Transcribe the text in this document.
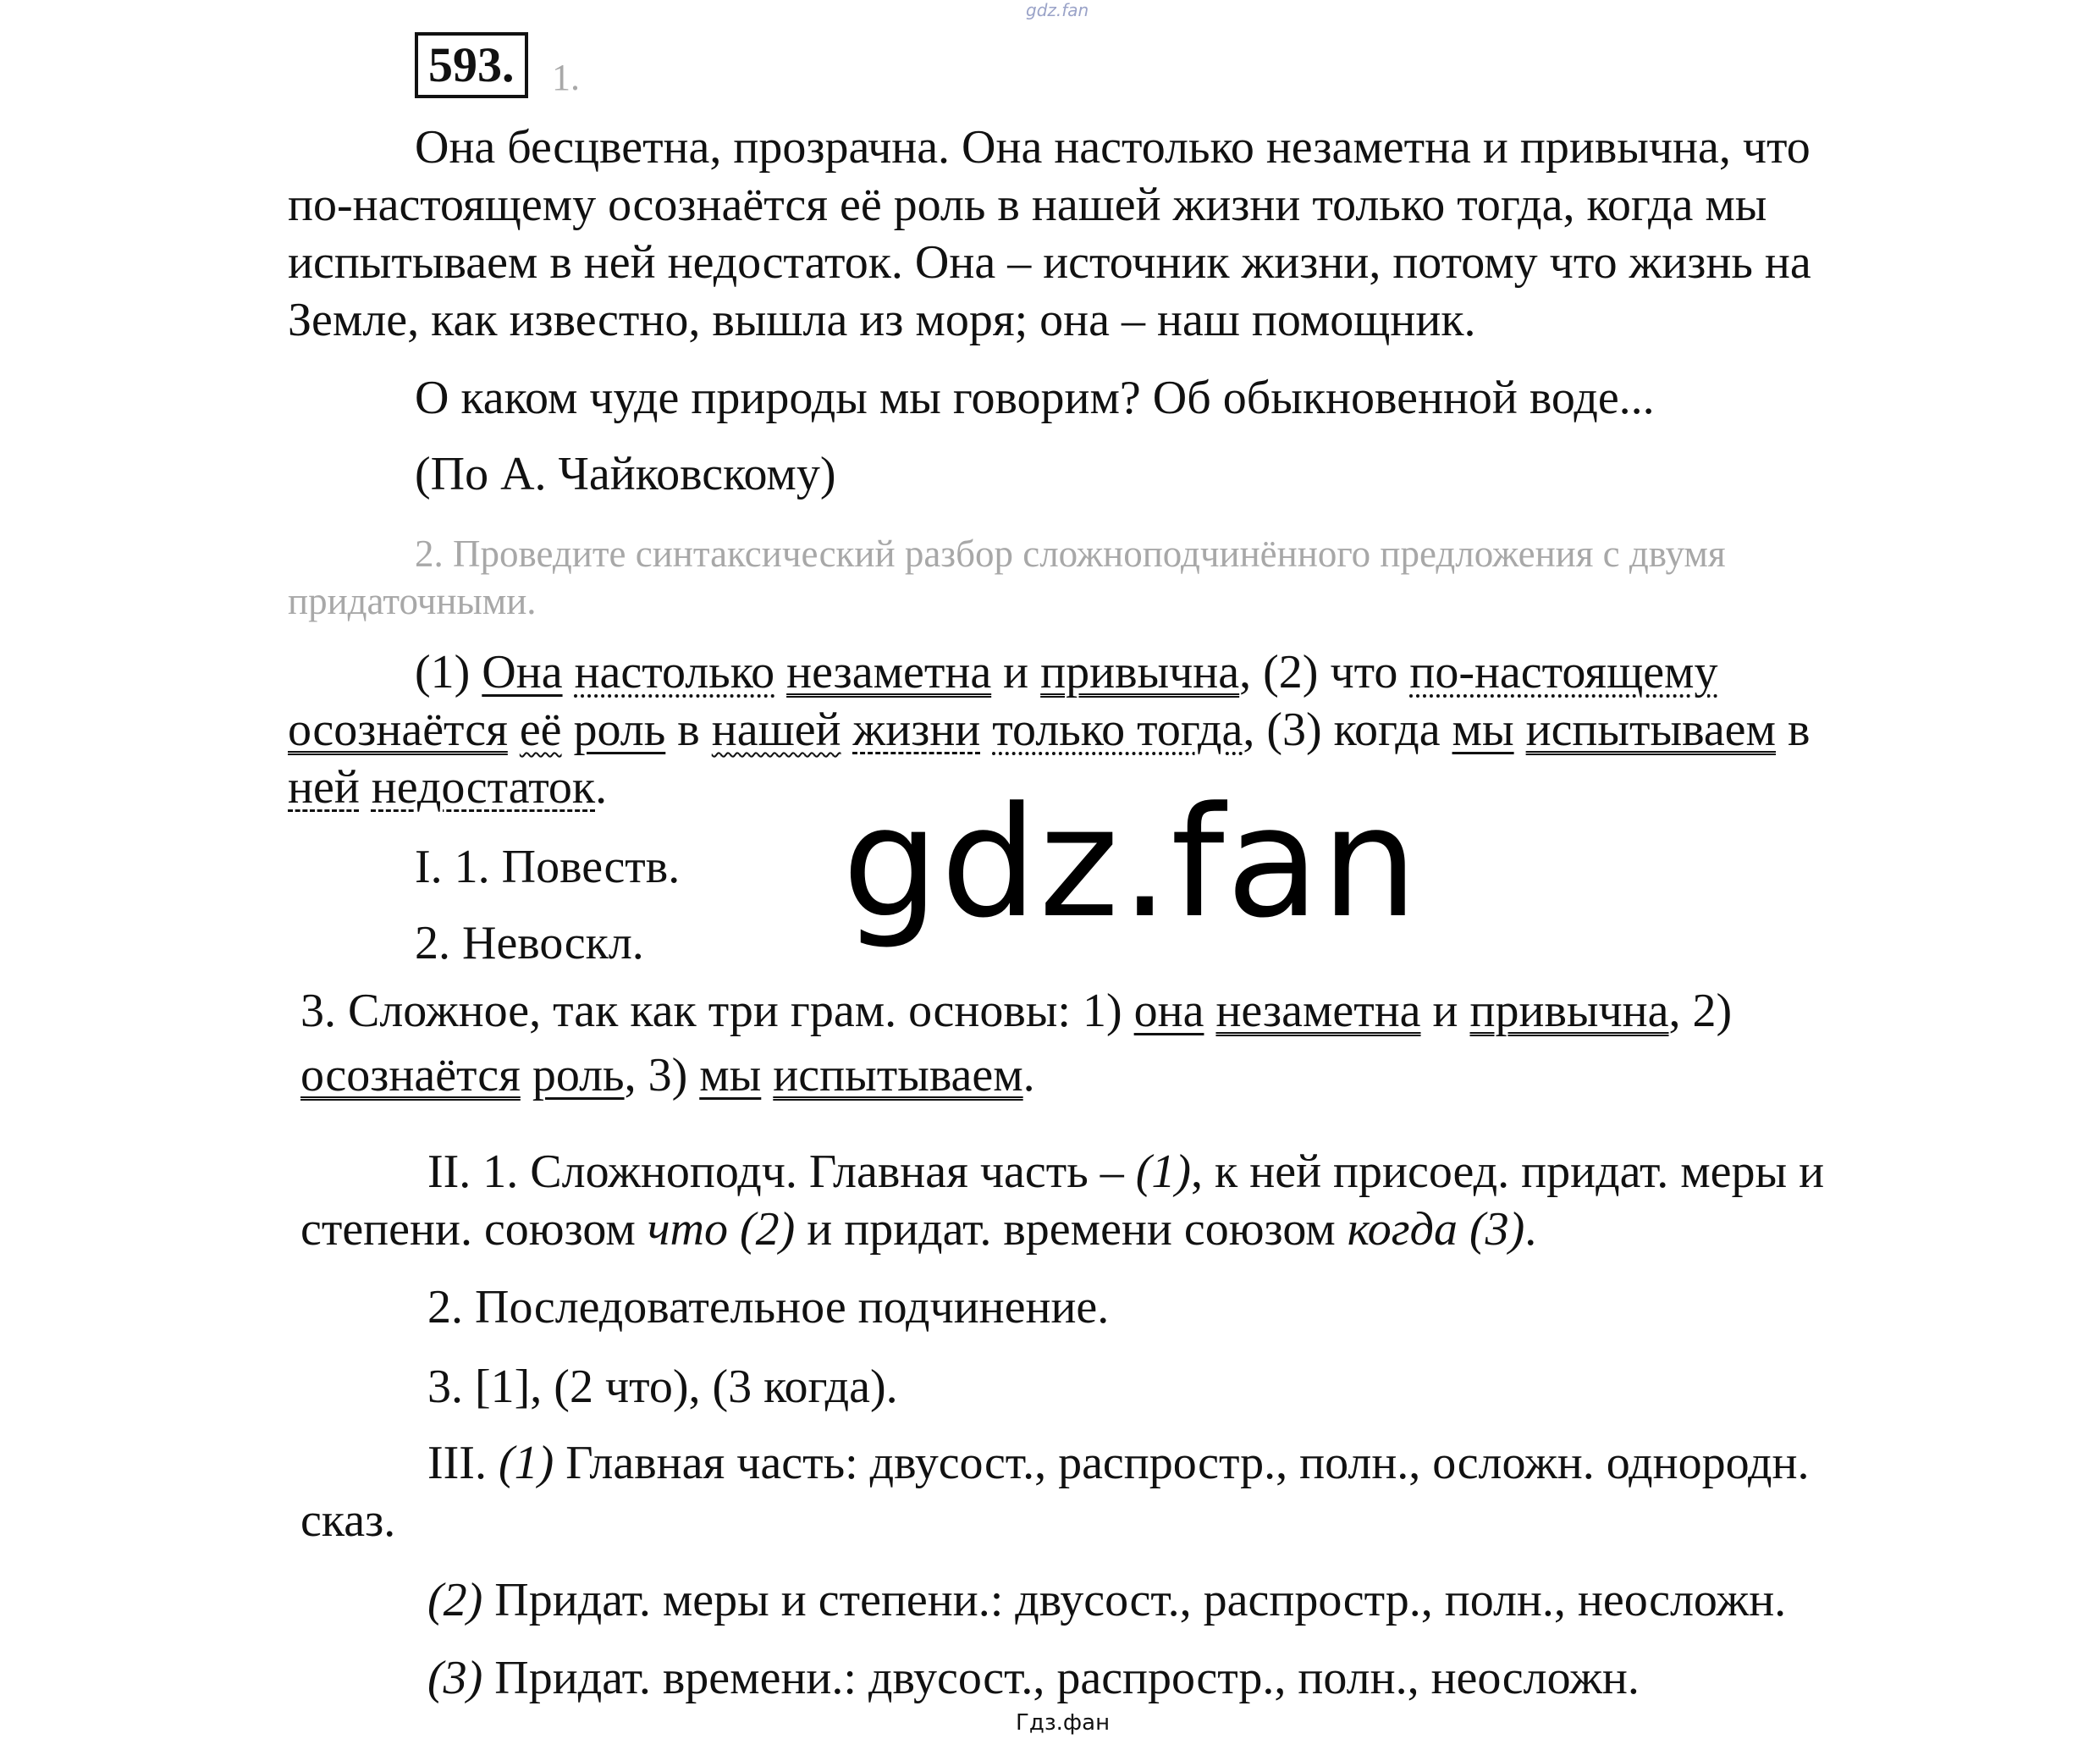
gdz.fan
593.	1.
Она бесцветна, прозрачна. Она настолько незаметна и привычна, что
по-настоящему осознаётся её роль в нашей жизни только тогда, когда мы
испытываем в ней недостаток. Она – источник жизни, потому что жизнь на
Земле, как известно, вышла из моря; она – наш помощник.
О каком чуде природы мы говорим? Об обыкновенной воде...
(По А. Чайковскому)
2. Проведите синтаксический разбор сложноподчинённого предложения с двумя
придаточными.
(1) Она настолько незаметна и привычна, (2) что по-настоящему
осознаётся её роль в нашей жизни только тогда, (3) когда мы испытываем в
ней недостаток.
I. 1. Повеств.
2. Невоскл.
3. Сложное, так как три грам. основы: 1) она незаметна и привычна, 2)
осознаётся роль, 3) мы испытываем.
II. 1. Сложноподч. Главная часть – (1), к ней присоед. придат. меры и
степени. союзом что (2) и придат. времени союзом когда (3).
2. Последовательное подчинение.
3. [1], (2 что), (3 когда).
III. (1) Главная часть: двусост., распростр., полн., осложн. однородн.
сказ.
(2) Придат. меры и степени.: двусост., распростр., полн., неосложн.
(3) Придат. времени.: двусост., распростр., полн., неосложн.
gdz.fan
Гдз.фан
